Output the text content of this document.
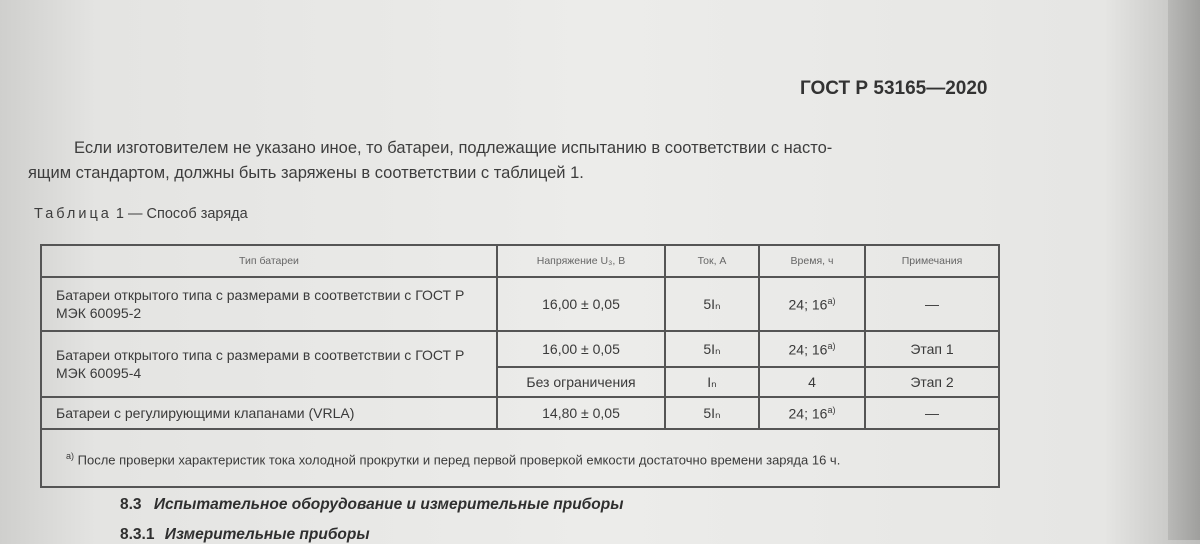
ГОСТ Р 53165—2020
Если изготовителем не указано иное, то батареи, подлежащие испытанию в соответствии с насто-
ящим стандартом, должны быть заряжены в соответствии с таблицей 1.
Таблица 1 — Способ заряда
Тип батареи	Напряжение U₃, В	Ток, А	Время, ч	Примечания
Батареи открытого типа с размерами в соответствии с ГОСТ Р МЭК 60095-2	16,00 ± 0,05	5Iₙ	24; $16^{а)}$	—
Батареи открытого типа с размерами в соответствии с ГОСТ Р МЭК 60095-4	16,00 ± 0,05	5Iₙ	24; $16^{а)}$	Этап 1
	Без ограничения	Iₙ	4	Этап 2
Батареи с регулирующими клапанами (VRLA)	14,80 ± 0,05	5Iₙ	24; $16^{а)}$	—
$^{а)}$ После проверки характеристик тока холодной прокрутки и перед первой проверкой емкости достаточно времени заряда 16 ч.				
8.3 Испытательное оборудование и измерительные приборы
8.3.1 Измерительные приборы
